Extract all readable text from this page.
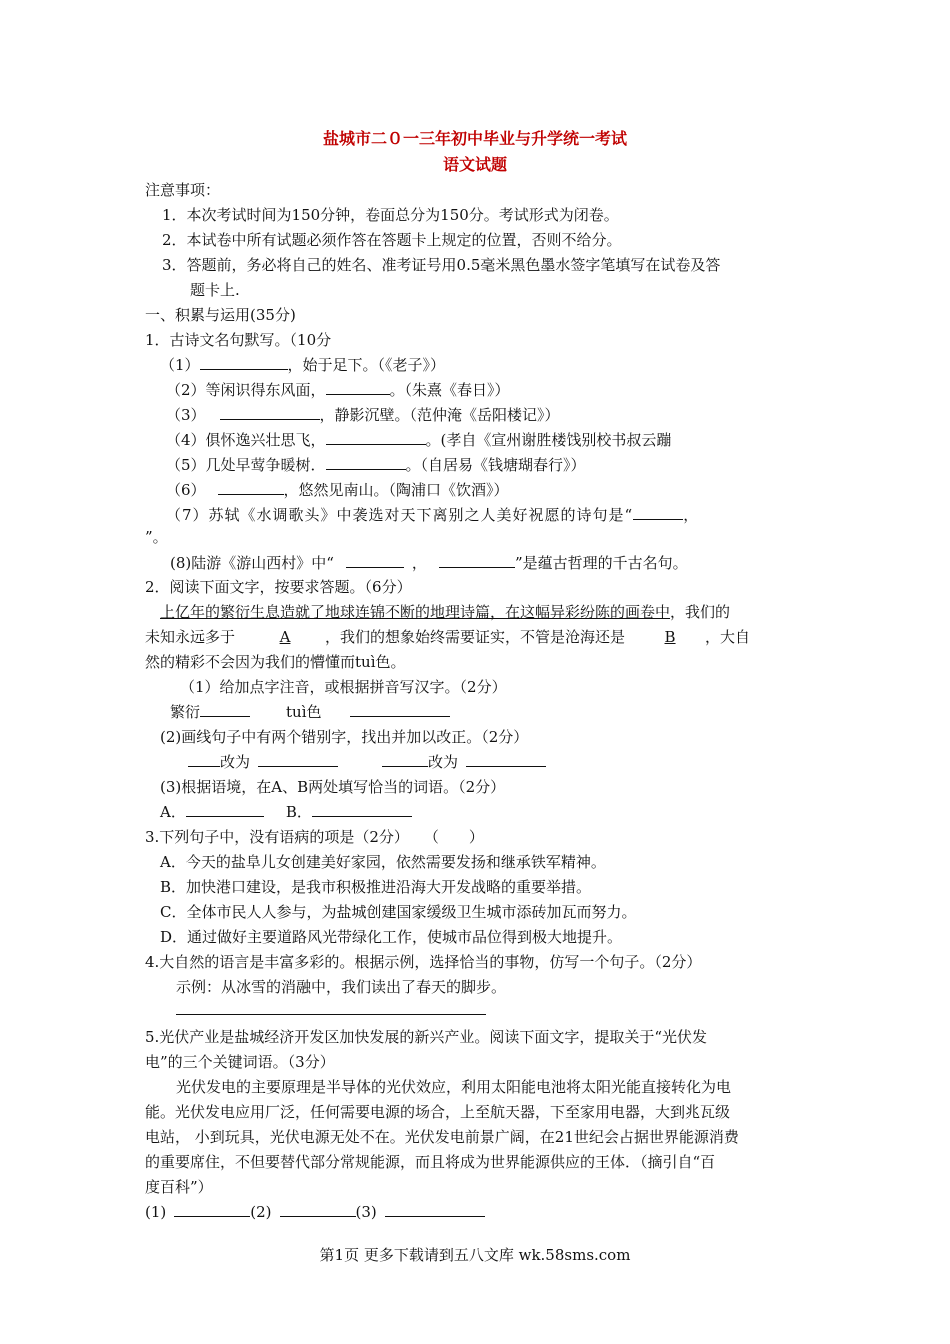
盐城市二０一三年初中毕业与升学统一考试
语文试题
注意事项：
1．本次考试时间为150分钟，卷面总分为150分。考试形式为闭卷。
2．本试卷中所有试题必须作答在答题卡上规定的位置，否则不给分。
3．答题前，务必将自己的姓名、准考证号用0.5毫米黑色墨水签字笔填写在试卷及答
题卡上.
一、积累与运用(35分)
1．古诗文名句默写。（10分
（1）	，始于足下。（《老子》）
（2）等闲识得东风面，	。（朱熹《春日》）
（3）	，静影沉壁。（范仲淹《岳阳楼记》）
（4）俱怀逸兴壮思飞，	。(孝自《宣州谢胜楼饯别校书叔云蹦
（5）几处早莺争暖树．	。（自居易《钱塘瑚春行》）
（6）	，悠然见南山。（陶浦口《饮酒》）
（7）苏轼《水调歌头》中袭选对天下离别之人美好祝愿的诗句是“	，
”。
(8)陆游《游山西村》中“	，	”是蕴古哲理的千古名句。
2．阅读下面文字，按要求答题。（6分）
上亿年的繁衍生息造就了地球连锦不断的地理诗篇，在这幅异彩纷陈的画卷中，我们的
未知永远多于	A ，我们的想象始终需要证实，不管是沧海还是	B ，大自
然的精彩不会因为我们的懵懂而tuì色。
（1）给加点字注音，或根据拼音写汉字。（2分）
繁衍	tuì色
(2)画线句子中有两个错别字，找出并加以改正。（2分）
改为	改为
(3)根据语境，在A、B两处填写恰当的词语。（2分）
A．	B．
3.下列句子中，没有语病的项是（2分）　　（　　）
A．今天的盐阜儿女创建美好家园，依然需要发扬和继承铁军精神。
B．加快港口建设，是我市积极推进沿海大开发战略的重要举措。
C．全体市民人人参与，为盐城创建国家缓级卫生城市添砖加瓦而努力。
D．通过做好主要道路风光带绿化工作，使城市品位得到极大地提升。
4.大自然的语言是丰富多彩的。根据示例，选择恰当的事物，仿写一个句子。（2分）
示例：从冰雪的消融中，我们读出了春天的脚步。
5.光伏产业是盐城经济开发区加快发展的新兴产业。阅读下面文字，提取关于“光伏发
电”的三个关键词语。（3分）
光伏发电的主要原理是半导体的光伏效应，利用太阳能电池将太阳光能直接转化为电
能。光伏发电应用厂泛，任何需要电源的场合，上至航天器，下至家用电器，大到兆瓦级
电站， 小到玩具，光伏电源无处不在。光伏发电前景广阔，在21世纪会占据世界能源消费
的重要席住，不但要替代部分常规能源，而且将成为世界能源供应的王体．（摘引自“百
度百科”）
(1)	(2)	(3)
第1页 更多下载请到五八文库 wk.58sms.com
